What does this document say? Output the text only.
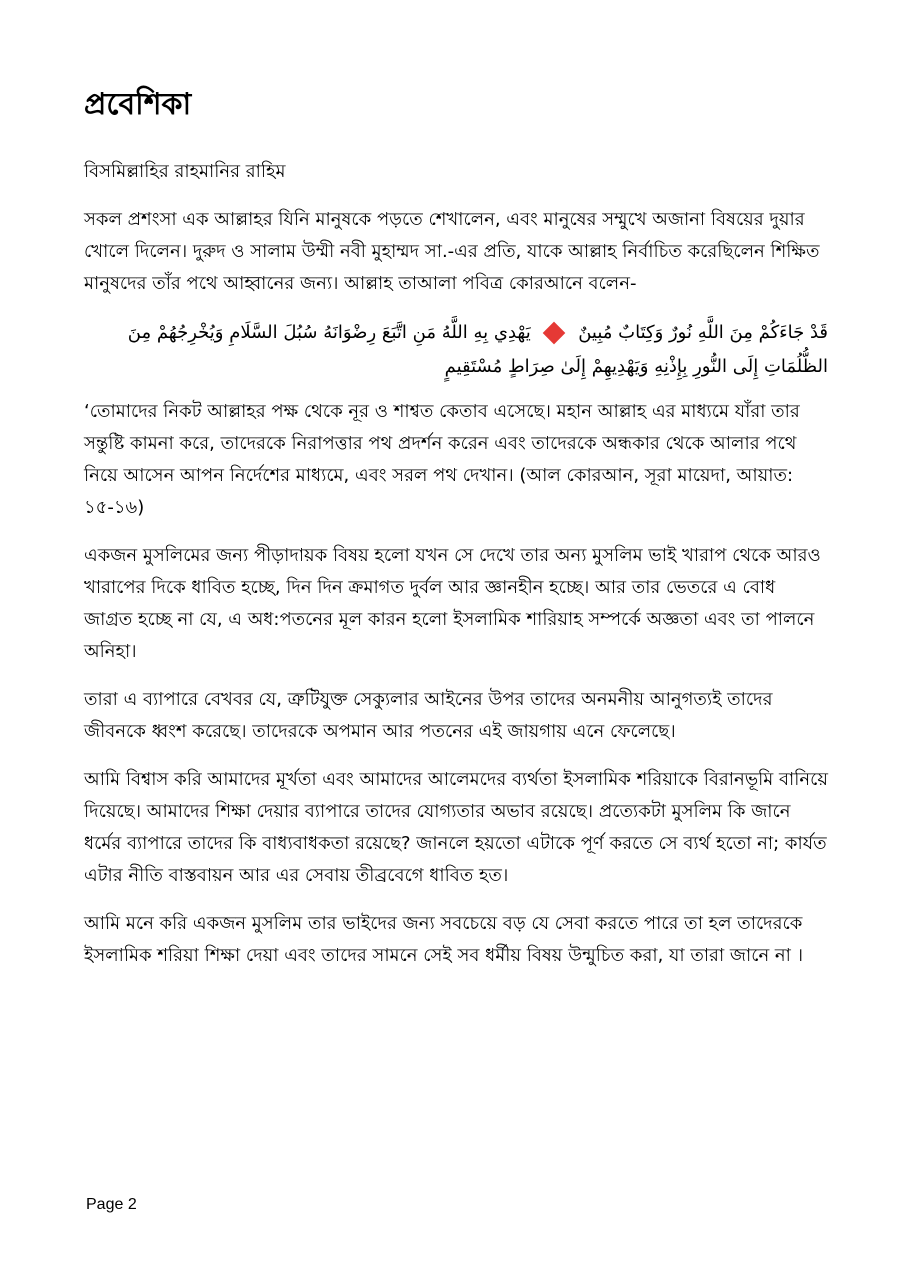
প্রবেশিকা

বিসমিল্লাহির রাহমানির রাহিম

সকল প্রশংসা এক আল্লাহর যিনি মানুষকে পড়তে শেখালেন, এবং মানুষের সম্মুখে অজানা বিষয়ের দুয়ার খোলে দিলেন। দুরুদ ও সালাম উম্মী নবী মুহাম্মদ সা.-এর প্রতি, যাকে আল্লাহ নির্বাচিত করেছিলেন শিক্ষিত মানুষদের তাঁর পথে আহ্বানের জন্য। আল্লাহ তাআলা পবিত্র কোরআনে বলেন-

قَدْ جَاءَكُمْ مِنَ اللَّهِ نُورٌ وَكِتَابٌ مُبِينٌ  يَهْدِي بِهِ اللَّهُ مَنِ اتَّبَعَ رِضْوَانَهُ سُبُلَ السَّلَامِ وَيُخْرِجُهُمْ مِنَ الظُّلُمَاتِ إِلَى النُّورِ بِإِذْنِهِ وَيَهْدِيهِمْ إِلَىٰ صِرَاطٍ مُسْتَقِيمٍ

‘তোমাদের নিকট আল্লাহর পক্ষ থেকে নূর ও শাশ্বত কেতাব এসেছে। মহান আল্লাহ এর মাধ্যমে যাঁরা তার সন্তুষ্টি কামনা করে, তাদেরকে নিরাপত্তার পথ প্রদর্শন করেন এবং তাদেরকে অন্ধকার থেকে আলার পথে নিয়ে আসেন আপন নির্দেশের মাধ্যমে, এবং সরল পথ দেখান। (আল কোরআন, সূরা মায়েদা, আয়াত: ১৫-১৬)

একজন মুসলিমের জন্য পীড়াদায়ক বিষয় হলো যখন সে দেখে তার অন্য মুসলিম ভাই খারাপ থেকে আরও খারাপের দিকে ধাবিত হচ্ছে, দিন দিন ক্রমাগত দুর্বল আর জ্ঞানহীন হচ্ছে। আর তার ভেতরে এ বোধ জাগ্রত হচ্ছে না যে, এ অধ:পতনের মূল কারন হলো ইসলামিক শারিয়াহ সম্পর্কে অজ্ঞতা এবং তা পালনে অনিহা।

তারা এ ব্যাপারে বেখবর যে, ত্রুটিযুক্ত সেক্যুলার আইনের উপর তাদের অনমনীয় আনুগত্যই তাদের জীবনকে ধ্বংশ করেছে। তাদেরকে অপমান আর পতনের এই জায়গায় এনে ফেলেছে।

আমি বিশ্বাস করি আমাদের মূর্খতা এবং আমাদের আলেমদের ব্যর্থতা ইসলামিক শরিয়াকে বিরানভূমি বানিয়ে দিয়েছে। আমাদের শিক্ষা দেয়ার ব্যাপারে তাদের যোগ্যতার অভাব রয়েছে। প্রত্যেকটা মুসলিম কি জানে ধর্মের ব্যাপারে তাদের কি বাধ্যবাধকতা রয়েছে? জানলে হয়তো এটাকে পূর্ণ করতে সে ব্যর্থ হতো না; কার্যত এটার নীতি বাস্তবায়ন আর এর সেবায় তীব্রবেগে ধাবিত হত।

আমি মনে করি একজন মুসলিম তার ভাইদের জন্য সবচেয়ে বড় যে সেবা করতে পারে তা হল তাদেরকে ইসলামিক শরিয়া শিক্ষা দেয়া এবং তাদের সামনে সেই সব ধর্মীয় বিষয় উন্মুচিত করা, যা তারা জানে না ।

Page 2
